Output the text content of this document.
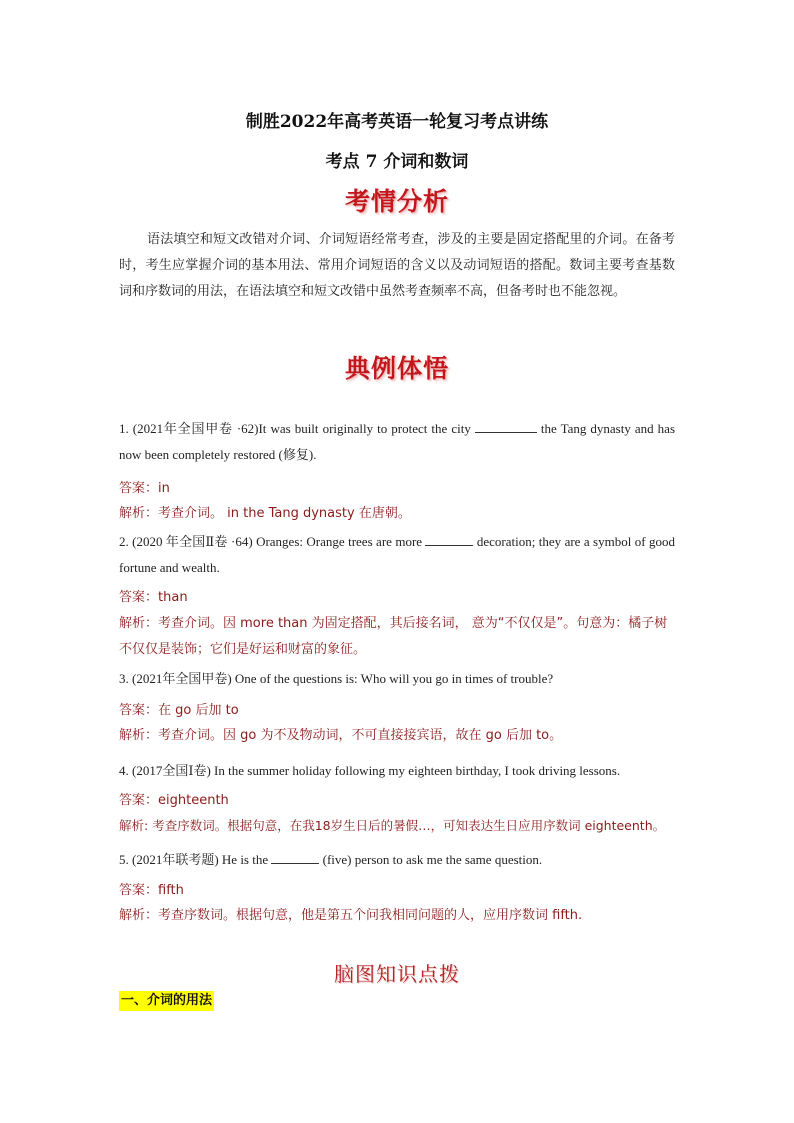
制胜2022年高考英语一轮复习考点讲练
考点 7 介词和数词
考情分析
语法填空和短文改错对介词、介词短语经常考查，涉及的主要是固定搭配里的介词。在备考时，考生应掌握介词的基本用法、常用介词短语的含义以及动词短语的搭配。数词主要考查基数词和序数词的用法，在语法填空和短文改错中虽然考查频率不高，但备考时也不能忽视。
典例体悟
1. (2021年全国甲卷 ·62)It was built originally to protect the city	the Tang dynasty and has now been completely restored (修复).
答案：in
解析：考查介词。 in the Tang dynasty 在唐朝。
2. (2020 年全国Ⅱ卷 ·64) Oranges: Orange trees are more	decoration; they are a symbol of good fortune and wealth.
答案：than
解析：考查介词。因 more than 为固定搭配，其后接名词， 意为“不仅仅是”。句意为：橘子树不仅仅是装饰；它们是好运和财富的象征。
3. (2021年全国甲卷) One of the questions is: Who will you go in times of trouble?
答案：在 go 后加 to
解析：考查介词。因 go 为不及物动词，不可直接接宾语，故在 go 后加 to。
4. (2017全国Ⅰ卷) In the summer holiday following my eighteen birthday, I took driving lessons.
答案：eighteenth
解析: 考查序数词。根据句意，在我18岁生日后的暑假…，可知表达生日应用序数词 eighteenth。
5. (2021年联考题) He is the	(five) person to ask me the same question.
答案：fifth
解析：考查序数词。根据句意，他是第五个问我相同问题的人，应用序数词 fifth.
脑图知识点拨
一、介词的用法
